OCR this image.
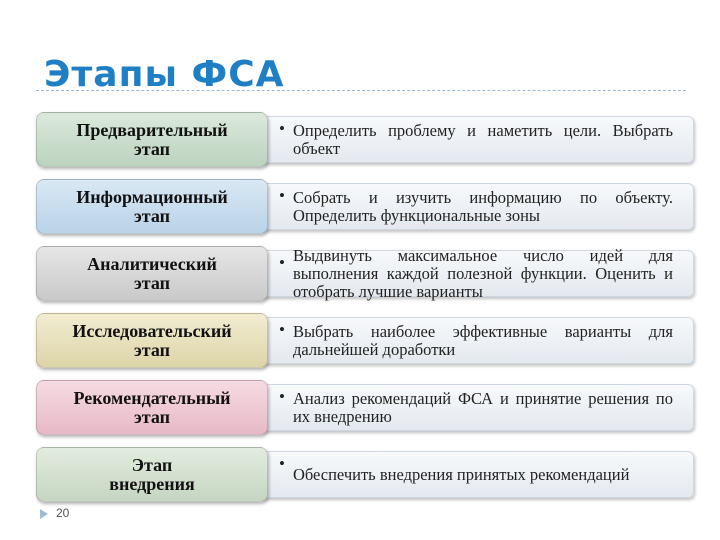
Этапы ФСА
• Определить проблему и наметить цели. Выбрать объект
Предварительный
этап
• Собрать и изучить информацию по объекту. Определить функциональные зоны
Информационный
этап
• Выдвинуть максимальное число идей для выполнения каждой полезной функции. Оценить и отобрать лучшие варианты
Аналитический
этап
• Выбрать наиболее эффективные варианты для дальнейшей доработки
Исследовательский
этап
• Анализ рекомендаций ФСА и принятие решения по их внедрению
Рекомендательный
этап
•
Обеспечить внедрения принятых рекомендаций
Этап
внедрения
20
